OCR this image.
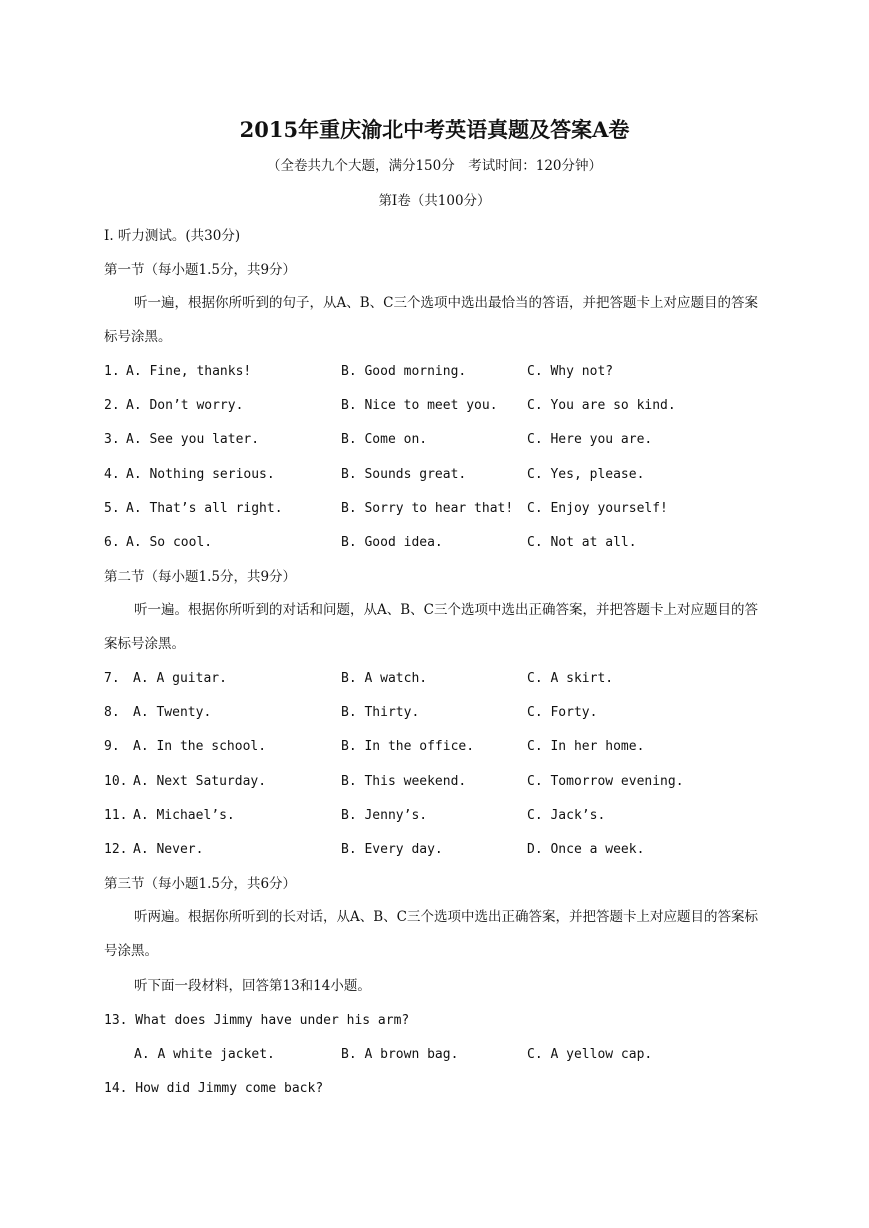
2015年重庆渝北中考英语真题及答案A卷
（全卷共九个大题，满分150分　考试时间：120分钟）
第Ⅰ卷（共100分）
I. 听力测试。(共30分)
第一节（每小题1.5分，共9分）
听一遍，根据你所听到的句子，从A、B、C三个选项中选出最恰当的答语，并把答题卡上对应题目的答案标号涂黑。
1. A. Fine, thanks!	B. Good morning.	C. Why not?
2. A. Don’t worry.	B. Nice to meet you. C. You are so kind.
3. A. See you later.	B. Come on.	C. Here you are.
4. A. Nothing serious.	B. Sounds great.	C. Yes, please.
5. A. That’s all right.	B. Sorry to hear that! C. Enjoy yourself!
6. A. So cool.	B. Good idea.	C. Not at all.
第二节（每小题1.5分，共9分）
听一遍。根据你所听到的对话和问题，从A、B、C三个选项中选出正确答案，并把答题卡上对应题目的答案标号涂黑。
7. A. A guitar.	B. A watch.	C. A skirt.
8. A. Twenty.	B. Thirty.	C. Forty.
9. A. In the school.	B. In the office.	C. In her home.
10. A. Next Saturday.	B. This weekend.	C. Tomorrow evening.
11. A. Michael’s.	B. Jenny’s.	C. Jack’s.
12. A. Never.	B. Every day.	D. Once a week.
第三节（每小题1.5分，共6分）
听两遍。根据你所听到的长对话，从A、B、C三个选项中选出正确答案，并把答题卡上对应题目的答案标号涂黑。
听下面一段材料，回答第13和14小题。
13. What does Jimmy have under his arm?
A. A white jacket.	B. A brown bag.	C. A yellow cap.
14. How did Jimmy come back?
